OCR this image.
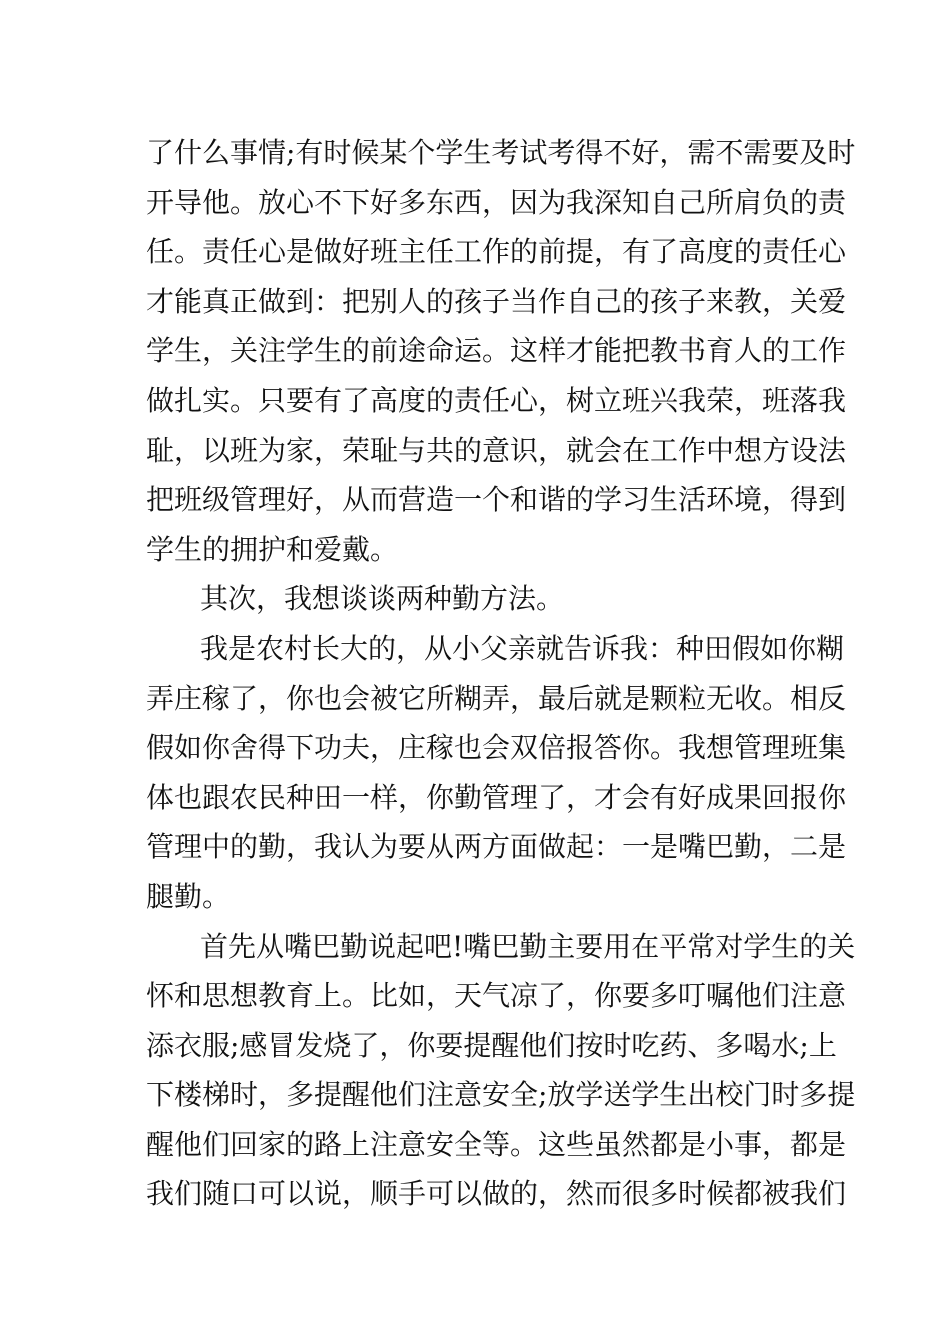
了什么事情;有时候某个学生考试考得不好，需不需要及时
开导他。放心不下好多东西，因为我深知自己所肩负的责
任。责任心是做好班主任工作的前提，有了高度的责任心
才能真正做到：把别人的孩子当作自己的孩子来教，关爱
学生，关注学生的前途命运。这样才能把教书育人的工作
做扎实。只要有了高度的责任心，树立班兴我荣，班落我
耻，以班为家，荣耻与共的意识，就会在工作中想方设法
把班级管理好，从而营造一个和谐的学习生活环境，得到
学生的拥护和爱戴。
其次，我想谈谈两种勤方法。
我是农村长大的，从小父亲就告诉我：种田假如你糊
弄庄稼了，你也会被它所糊弄，最后就是颗粒无收。相反
假如你舍得下功夫，庄稼也会双倍报答你。我想管理班集
体也跟农民种田一样，你勤管理了，才会有好成果回报你
管理中的勤，我认为要从两方面做起：一是嘴巴勤，二是
腿勤。
首先从嘴巴勤说起吧!嘴巴勤主要用在平常对学生的关
怀和思想教育上。比如，天气凉了，你要多叮嘱他们注意
添衣服;感冒发烧了，你要提醒他们按时吃药、多喝水;上
下楼梯时，多提醒他们注意安全;放学送学生出校门时多提
醒他们回家的路上注意安全等。这些虽然都是小事，都是
我们随口可以说，顺手可以做的，然而很多时候都被我们
